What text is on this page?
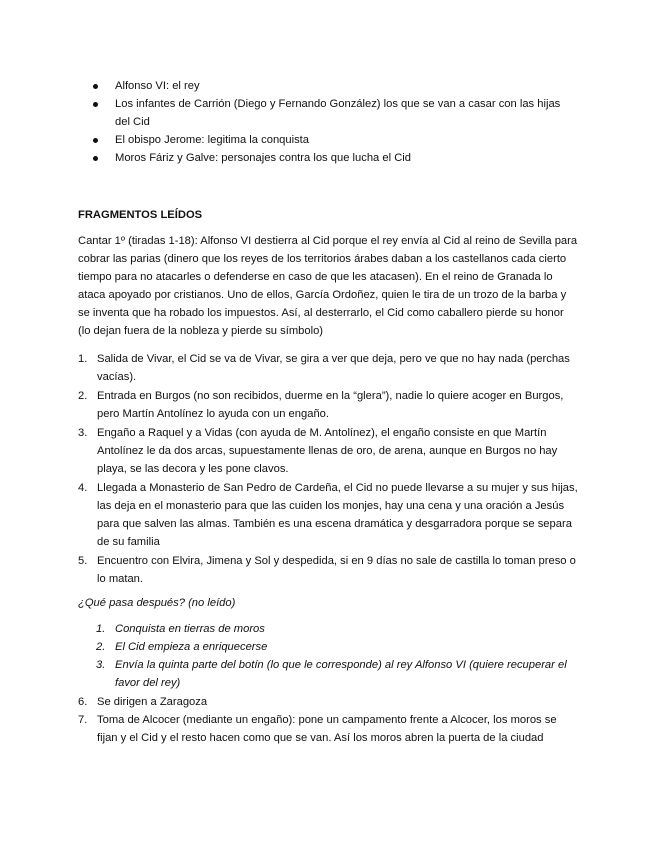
Alfonso VI: el rey
Los infantes de Carrión (Diego y Fernando González) los que se van a casar con las hijas del Cid
El obispo Jerome: legitima la conquista
Moros Fáriz y Galve: personajes contra los que lucha el Cid
FRAGMENTOS LEÍDOS

Cantar 1º (tiradas 1-18): Alfonso VI destierra al Cid porque el rey envía al Cid al reino de Sevilla para cobrar las parias (dinero que los reyes de los territorios árabes daban a los castellanos cada cierto tiempo para no atacarles o defenderse en caso de que les atacasen). En el reino de Granada lo ataca apoyado por cristianos. Uno de ellos, García Ordoñez, quien le tira de un trozo de la barba y se inventa que ha robado los impuestos. Así, al desterrarlo, el Cid como caballero pierde su honor (lo dejan fuera de la nobleza y pierde su símbolo)

1. Salida de Vivar, el Cid se va de Vivar, se gira a ver que deja, pero ve que no hay nada (perchas vacías).
2. Entrada en Burgos (no son recibidos, duerme en la “glera”), nadie lo quiere acoger en Burgos, pero Martín Antolínez lo ayuda con un engaño.
3. Engaño a Raquel y a Vidas (con ayuda de M. Antolínez), el engaño consiste en que Martín Antolínez le da dos arcas, supuestamente llenas de oro, de arena, aunque en Burgos no hay playa, se las decora y les pone clavos.
4. Llegada a Monasterio de San Pedro de Cardeña, el Cid no puede llevarse a su mujer y sus hijas, las deja en el monasterio para que las cuiden los monjes, hay una cena y una oración a Jesús para que salven las almas. También es una escena dramática y desgarradora porque se separa de su familia
5. Encuentro con Elvira, Jimena y Sol y despedida, si en 9 días no sale de castilla lo toman preso o lo matan.
¿Qué pasa después? (no leído)
1. Conquista en tierras de moros
2. El Cid empieza a enriquecerse
3. Envía la quinta parte del botín (lo que le corresponde) al rey Alfonso VI (quiere recuperar el favor del rey)
6. Se dirigen a Zaragoza
7. Toma de Alcocer (mediante un engaño): pone un campamento frente a Alcocer, los moros se fijan y el Cid y el resto hacen como que se van. Así los moros abren la puerta de la ciudad
